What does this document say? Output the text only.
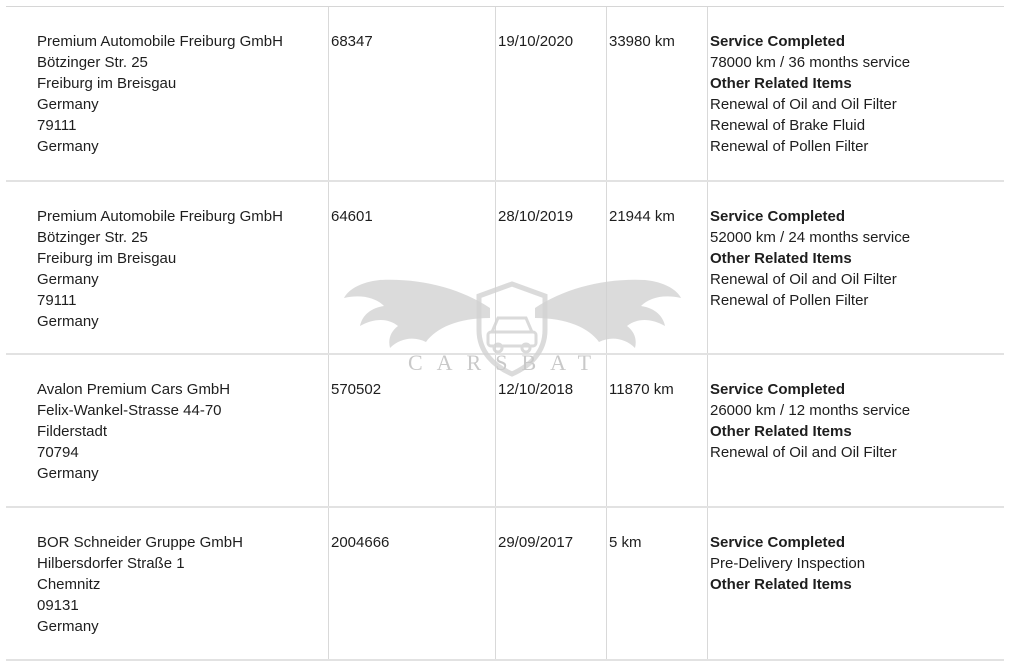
Premium Automobile Freiburg GmbH
Bötzinger Str. 25
Freiburg im Breisgau
Germany
79111
Germany
68347	19/10/2020	33980 km	Service Completed
78000 km / 36 months service
Other Related Items
Renewal of Oil and Oil Filter
Renewal of Brake Fluid
Renewal of Pollen Filter
Premium Automobile Freiburg GmbH
Bötzinger Str. 25
Freiburg im Breisgau
Germany
79111
Germany
64601	28/10/2019	21944 km	Service Completed
52000 km / 24 months service
Other Related Items
Renewal of Oil and Oil Filter
Renewal of Pollen Filter
Avalon Premium Cars GmbH
Felix-Wankel-Strasse 44-70
Filderstadt
70794
Germany
570502	12/10/2018	11870 km	Service Completed
26000 km / 12 months service
Other Related Items
Renewal of Oil and Oil Filter
BOR Schneider Gruppe GmbH
Hilbersdorfer Straße 1
Chemnitz
09131
Germany
2004666	29/09/2017	5 km	Service Completed
Pre-Delivery Inspection
Other Related Items
CARSBAT
